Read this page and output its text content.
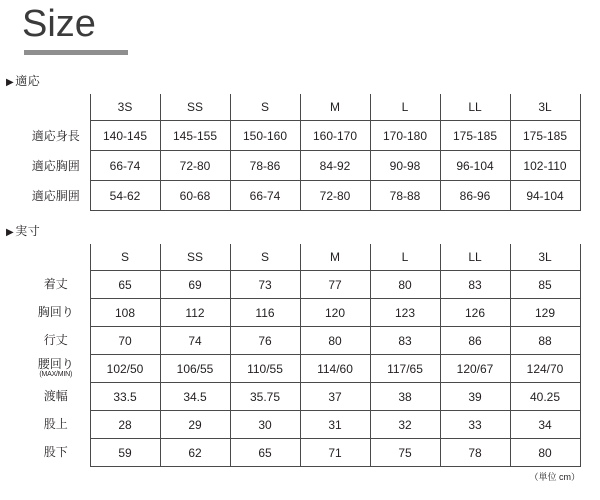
Size
▶適応
	3S	SS	S	M	L	LL	3L
適応身長	140-145	145-155	150-160	160-170	170-180	175-185	175-185
適応胸囲	66-74	72-80	78-86	84-92	90-98	96-104	102-110
適応胴囲	54-62	60-68	66-74	72-80	78-88	86-96	94-104
▶実寸
	S	SS	S	M	L	LL	3L

着丈	65	69	73	77	80	83	85

胸回り	108	112	116	120	123	126	129

行丈	70	74	76	80	83	86	88

腰回り
(MAX/MIN)	102/50	106/55	110/55	114/60	117/65	120/67	124/70

渡幅	33.5	34.5	35.75	37	38	39	40.25

股上	28	29	30	31	32	33	34

股下	59	62	65	71	75	78	80
（単位 cm）
